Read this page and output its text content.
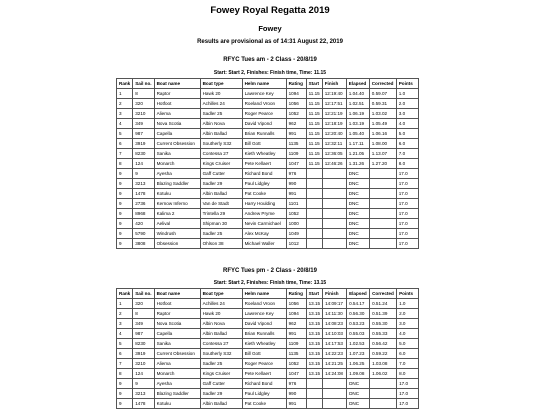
Fowey Royal Regatta 2019
Fowey
Results are provisional as of 14:31 August 22, 2019
RFYC Tues am - 2 Class - 20/8/19
Start: Start 2, Finishes: Finish time, Time: 11.15
Rank	Sail no.	Boat name	Boat type	Helm name	Rating	Start	Finish	Elapsed	Corrected	Points
1	8	Raptor	Hawk 20	Lawrence Key	1094	11.15	12:19:40	1.04.40	0.59.07	1.0
2	320	Hotfoot	Achilles 24	Roeland Vroon	1056	11.15	12:17:51	1.02.51	0.59.31	2.0
3	3210	Aliema	Sadler 25	Roger Pearce	1052	11.15	12:21:19	1.06.19	1.03.02	3.0
4	349	Nova Scotia	Albin Nova	David Vipond	962	11.15	12:18:19	1.03.19	1.05.49	4.0
5	987	Capella	Albin Ballad	Brian Runnalls	991	11.15	12:20:40	1.05.40	1.06.16	5.0
6	3919	Current Obsession	Southerly S32	Bill Gott	1135	11.15	12:32:11	1.17.11	1.08.00	6.0
7	8230	Sanika	Contessa 27	Kieth Wheatley	1109	11.15	12:36:05	1.21.05	1.13.07	7.0
8	124	Monarch	Kings Cruiser	Pete Kellaert	1047	11.15	12:46:26	1.31.26	1.27.20	8.0
9	9	Ayesha	Gaff Cutter	Richard Bond	976			DNC		17.0
9	3213	Blazing Saddler	Sadler 29	Paul Lidgley	990			DNC		17.0
9	1478	Kotuku	Albin Ballad	Pat Cooke	991			DNC		17.0
9	2736	Kernow Inferno	Van de Stadt	Harry Houlding	1101			DNC		17.0
9	8968	Kalima 2	Trintella 29	Andrew Pryme	1052			DNC		17.0
9	420	Aelival	Shipman 30	Nevin Carmichael	1000			DNC		17.0
9	5790	Windrush	Sadler 25	Alex McKay	1049			DNC		17.0
9	3808	Obsession	Ohlson 38	Michael Waller	1012			DNC		17.0
RFYC Tues pm - 2 Class - 20/8/19
Start: Start 2, Finishes: Finish time, Time: 13.15
Rank	Sail no.	Boat name	Boat type	Helm name	Rating	Start	Finish	Elapsed	Corrected	Points
1	320	Hotfoot	Achilles 24	Roeland Vroon	1056	13.15	14:09:17	0.54.17	0.51.24	1.0
2	8	Raptor	Hawk 20	Lawrence Key	1094	13.15	14:11:30	0.56.30	0.51.39	2.0
3	349	Nova Scotia	Albin Nova	David Vipond	962	13.15	14:08:23	0.53.23	0.55.30	3.0
4	987	Capella	Albin Ballad	Brian Runnalls	991	13.15	14:10:03	0.55.03	0.55.33	4.0
5	8230	Sanika	Contessa 27	Kieth Wheatley	1109	13.15	14:17:53	1.02.53	0.56.42	5.0
6	3919	Current Obsession	Southerly S32	Bill Gott	1135	13.15	14:22:23	1.07.23	0.59.22	6.0
7	3210	Aliema	Sadler 25	Roger Pearce	1052	13.15	14:21:25	1.06.25	1.03.08	7.0
8	124	Monarch	Kings Cruiser	Pete Kellaert	1047	13.15	14:24:08	1.09.08	1.06.02	8.0
9	9	Ayesha	Gaff Cutter	Richard Bond	976			DNC		17.0
9	3213	Blazing Saddler	Sadler 29	Paul Lidgley	990			DNC		17.0
9	1478	Kotuku	Albin Ballad	Pat Cooke	991			DNC		17.0
